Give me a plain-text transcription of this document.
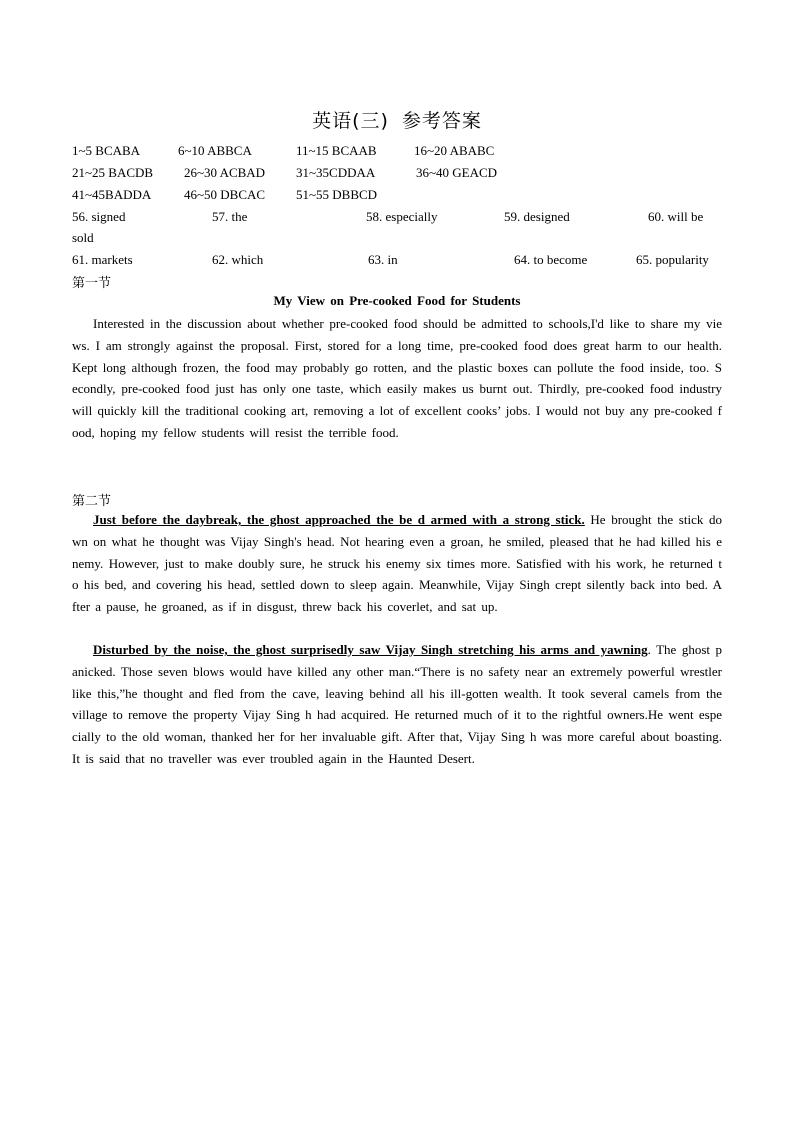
英语(三) 参考答案
1~5 BCABA	6~10 ABBCA	11~15 BCAAB	16~20 ABABC
21~25 BACDB 26~30 ACBAD 31~35CDDAA	36~40 GEACD
41~45BADDA	46~50 DBCAC 51~55 DBBCD
56. signed	57. the	58. especially	59. designed	60. will be
sold
61. markets	62. which	63. in	64. to become	65. popularity
第一节
My View on Pre-cooked Food for Students
Interested in the discussion about whether pre-cooked food should be admitted to schools,I'd like to share my views. I am strongly against the proposal. First, stored for a long time, pre-cooked food does great harm to our health. Kept long although frozen, the food may probably go rotten, and the plastic boxes can pollute the food inside, too. Secondly, pre-cooked food just has only one taste, which easily makes us burnt out. Thirdly, pre-cooked food industry will quickly kill the traditional cooking art, removing a lot of excellent cooks’ jobs. I would not buy any pre-cooked food, hoping my fellow students will resist the terrible food.
第二节
Just before the daybreak, the ghost approached the be d armed with a strong stick. He brought the stick down on what he thought was Vijay Singh's head. Not hearing even a groan, he smiled, pleased that he had killed his enemy. However, just to make doubly sure, he struck his enemy six times more. Satisfied with his work, he returned to his bed, and covering his head, settled down to sleep again. Meanwhile, Vijay Singh crept silently back into bed. After a pause, he groaned, as if in disgust, threw back his coverlet, and sat up.
Disturbed by the noise, the ghost surprisedly saw Vijay Singh stretching his arms and yawning. The ghost panicked. Those seven blows would have killed any other man.“There is no safety near an extremely powerful wrestler like this,”he thought and fled from the cave, leaving behind all his ill-gotten wealth. It took several camels from the village to remove the property Vijay Sing h had acquired. He returned much of it to the rightful owners.He went especially to the old woman, thanked her for her invaluable gift. After that, Vijay Sing h was more careful about boasting. It is said that no traveller was ever troubled again in the Haunted Desert.
